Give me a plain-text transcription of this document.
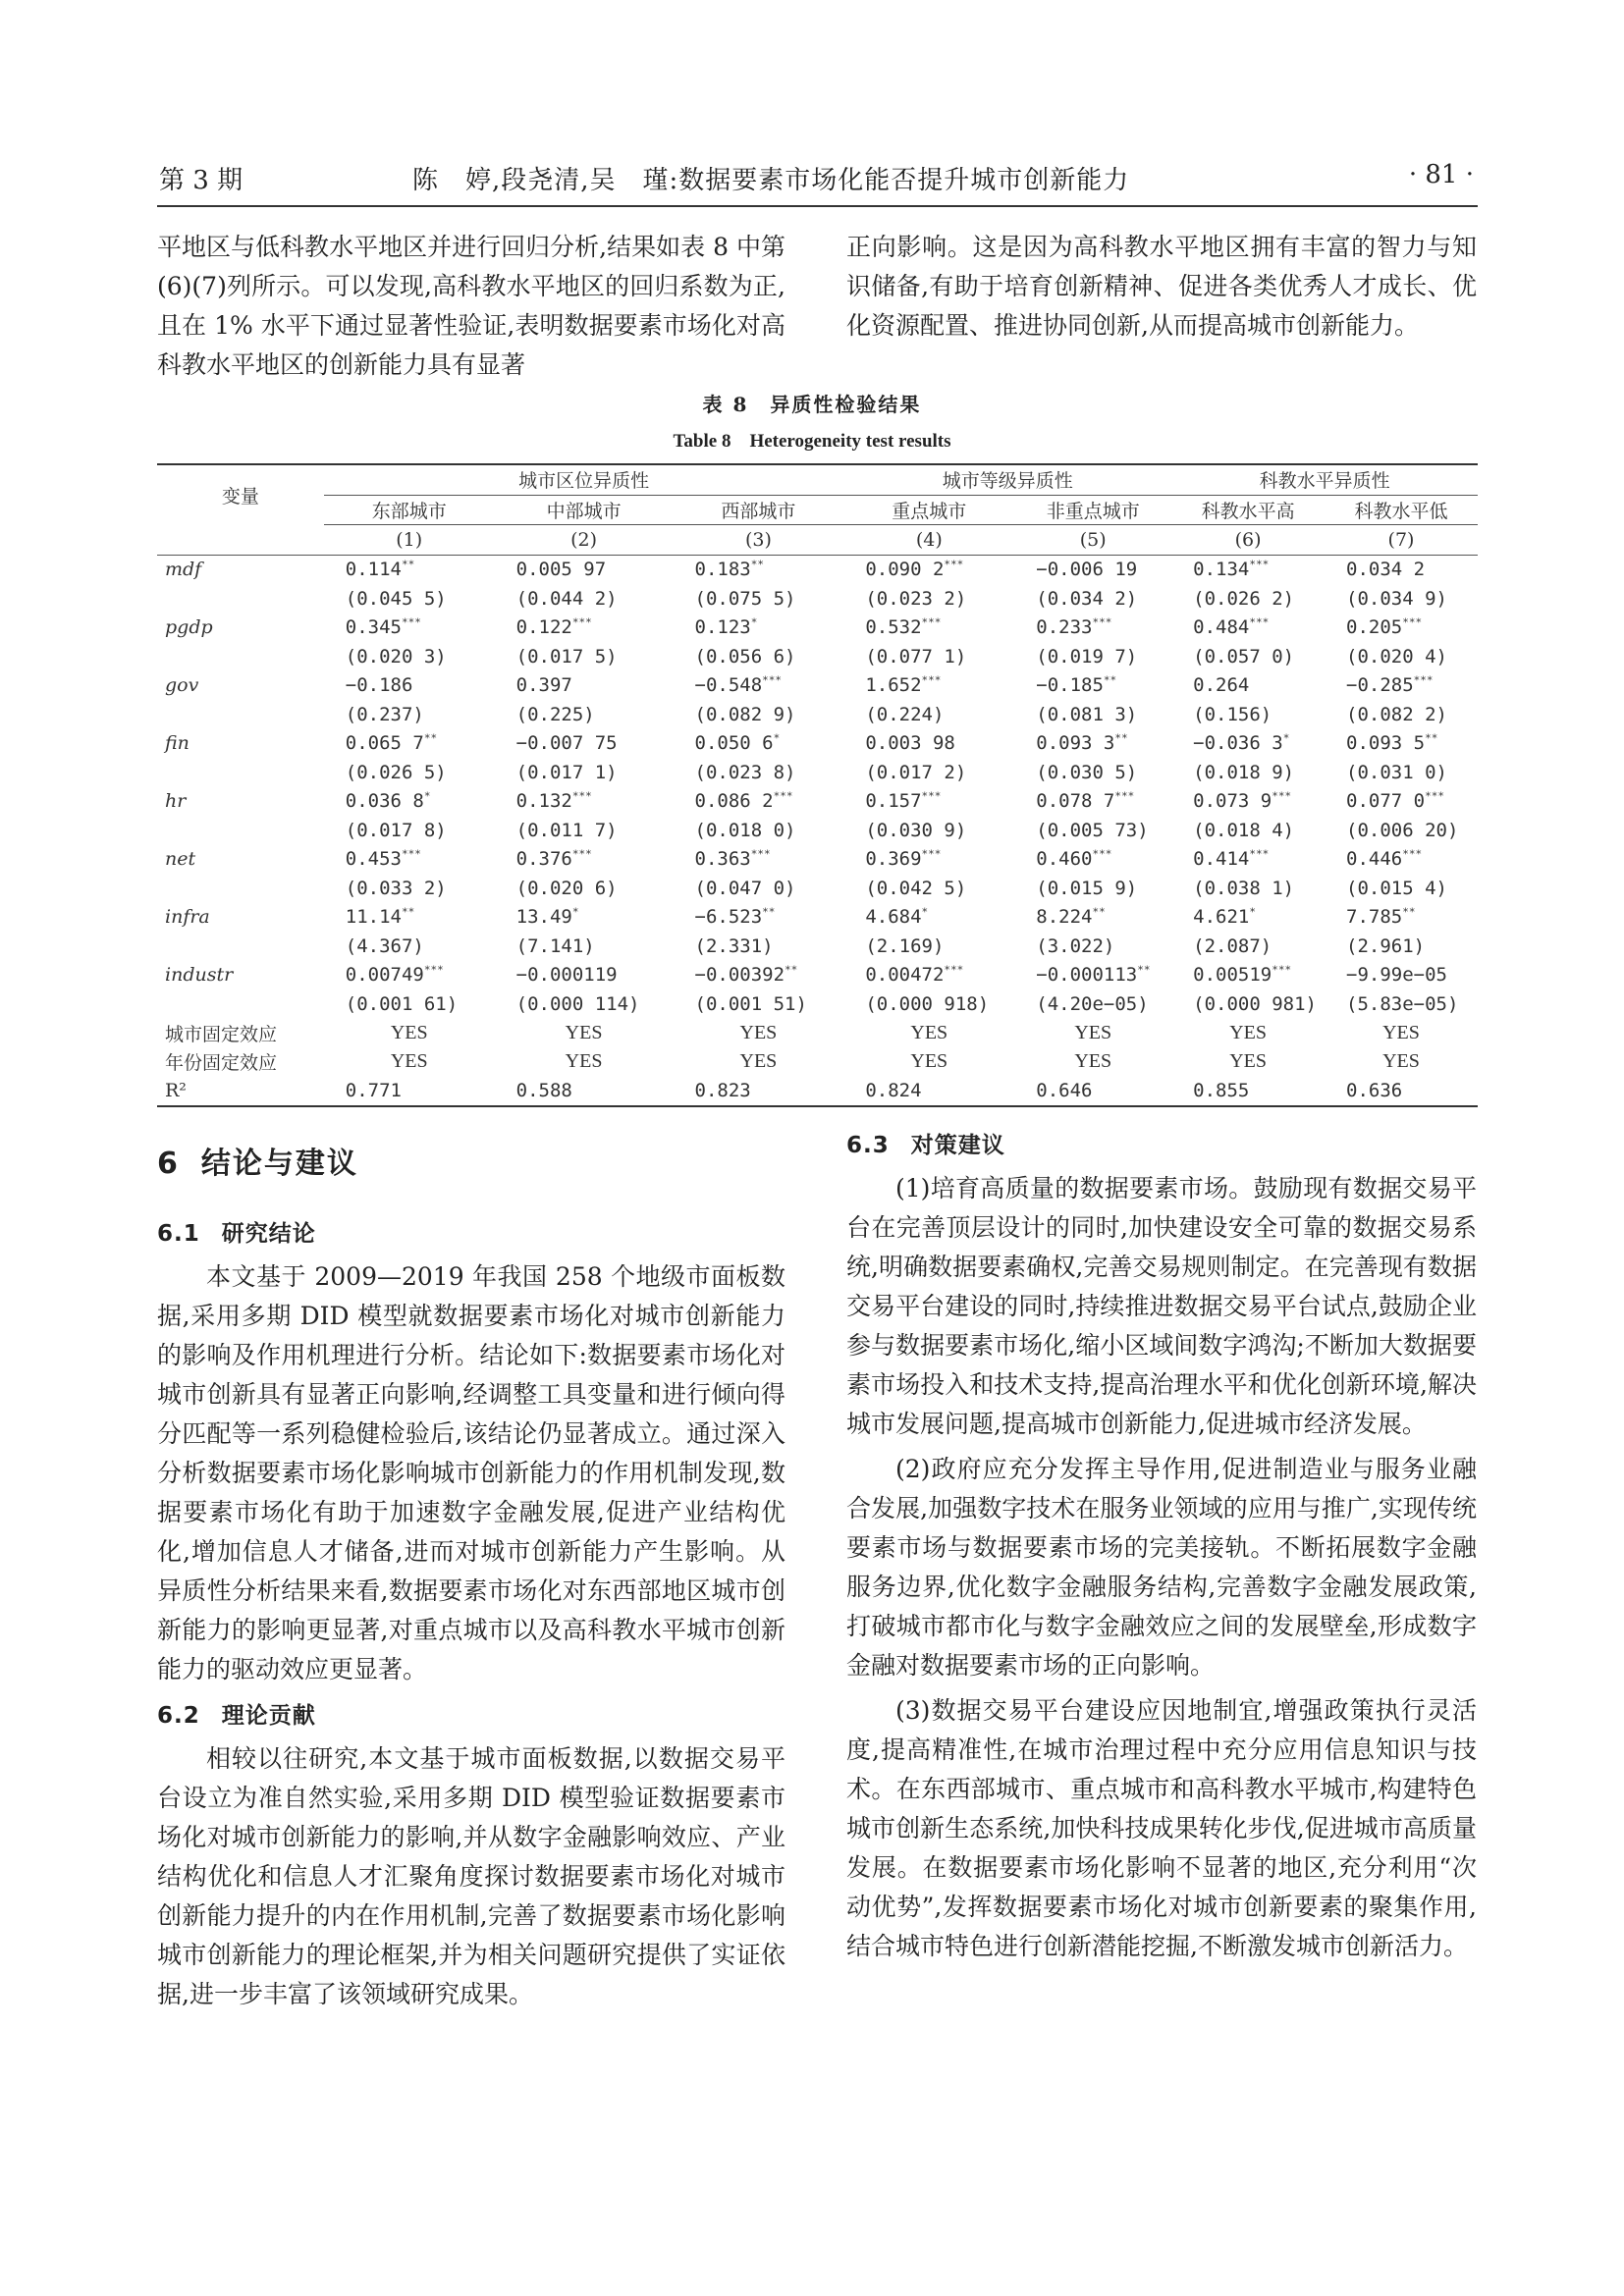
第 3 期	陈　婷,段尧清,吴　瑾:数据要素市场化能否提升城市创新能力	· 81 ·

平地区与低科教水平地区并进行回归分析,结果如表 8 中第(6)(7)列所示。可以发现,高科教水平地区的回归系数为正,且在 1% 水平下通过显著性验证,表明数据要素市场化对高科教水平地区的创新能力具有显著

正向影响。这是因为高科教水平地区拥有丰富的智力与知识储备,有助于培育创新精神、促进各类优秀人才成长、优化资源配置、推进协同创新,从而提高城市创新能力。

表 8　异质性检验结果
Table 8　Heterogeneity test results
变量	城市区位异质性			城市等级异质性		科教水平异质性	
	东部城市	中部城市	西部城市	重点城市	非重点城市	科教水平高	科教水平低
	(1)	(2)	(3)	(4)	(5)	(6)	(7)
mdf	0.114**	0.005 97	0.183**	0.090 2***	−0.006 19	0.134***	0.034 2
	(0.045 5)	(0.044 2)	(0.075 5)	(0.023 2)	(0.034 2)	(0.026 2)	(0.034 9)
pgdp	0.345***	0.122***	0.123*	0.532***	0.233***	0.484***	0.205***
	(0.020 3)	(0.017 5)	(0.056 6)	(0.077 1)	(0.019 7)	(0.057 0)	(0.020 4)
gov	−0.186	0.397	−0.548***	1.652***	−0.185**	0.264	−0.285***
	(0.237)	(0.225)	(0.082 9)	(0.224)	(0.081 3)	(0.156)	(0.082 2)
fin	0.065 7**	−0.007 75	0.050 6*	0.003 98	0.093 3**	−0.036 3*	0.093 5**
	(0.026 5)	(0.017 1)	(0.023 8)	(0.017 2)	(0.030 5)	(0.018 9)	(0.031 0)
hr	0.036 8*	0.132***	0.086 2***	0.157***	0.078 7***	0.073 9***	0.077 0***
	(0.017 8)	(0.011 7)	(0.018 0)	(0.030 9)	(0.005 73)	(0.018 4)	(0.006 20)
net	0.453***	0.376***	0.363***	0.369***	0.460***	0.414***	0.446***
	(0.033 2)	(0.020 6)	(0.047 0)	(0.042 5)	(0.015 9)	(0.038 1)	(0.015 4)
infra	11.14**	13.49*	−6.523**	4.684*	8.224**	4.621*	7.785**
	(4.367)	(7.141)	(2.331)	(2.169)	(3.022)	(2.087)	(2.961)
industr	0.00749***	−0.000119	−0.00392**	0.00472***	−0.000113**	0.00519***	−9.99e−05
	(0.001 61)	(0.000 114)	(0.001 51)	(0.000 918)	(4.20e−05)	(0.000 981)	(5.83e−05)
城市固定效应	YES	YES	YES	YES	YES	YES	YES
年份固定效应	YES	YES	YES	YES	YES	YES	YES
R²	0.771	0.588	0.823	0.824	0.646	0.855	0.636
6 结论与建议
6.1 研究结论

本文基于 2009—2019 年我国 258 个地级市面板数据,采用多期 DID 模型就数据要素市场化对城市创新能力的影响及作用机理进行分析。结论如下:数据要素市场化对城市创新具有显著正向影响,经调整工具变量和进行倾向得分匹配等一系列稳健检验后,该结论仍显著成立。通过深入分析数据要素市场化影响城市创新能力的作用机制发现,数据要素市场化有助于加速数字金融发展,促进产业结构优化,增加信息人才储备,进而对城市创新能力产生影响。从异质性分析结果来看,数据要素市场化对东西部地区城市创新能力的影响更显著,对重点城市以及高科教水平城市创新能力的驱动效应更显著。

6.2 理论贡献

相较以往研究,本文基于城市面板数据,以数据交易平台设立为准自然实验,采用多期 DID 模型验证数据要素市场化对城市创新能力的影响,并从数字金融影响效应、产业结构优化和信息人才汇聚角度探讨数据要素市场化对城市创新能力提升的内在作用机制,完善了数据要素市场化影响城市创新能力的理论框架,并为相关问题研究提供了实证依据,进一步丰富了该领域研究成果。

6.3 对策建议

(1)培育高质量的数据要素市场。鼓励现有数据交易平台在完善顶层设计的同时,加快建设安全可靠的数据交易系统,明确数据要素确权,完善交易规则制定。在完善现有数据交易平台建设的同时,持续推进数据交易平台试点,鼓励企业参与数据要素市场化,缩小区域间数字鸿沟;不断加大数据要素市场投入和技术支持,提高治理水平和优化创新环境,解决城市发展问题,提高城市创新能力,促进城市经济发展。

(2)政府应充分发挥主导作用,促进制造业与服务业融合发展,加强数字技术在服务业领域的应用与推广,实现传统要素市场与数据要素市场的完美接轨。不断拓展数字金融服务边界,优化数字金融服务结构,完善数字金融发展政策,打破城市都市化与数字金融效应之间的发展壁垒,形成数字金融对数据要素市场的正向影响。

(3)数据交易平台建设应因地制宜,增强政策执行灵活度,提高精准性,在城市治理过程中充分应用信息知识与技术。在东西部城市、重点城市和高科教水平城市,构建特色城市创新生态系统,加快科技成果转化步伐,促进城市高质量发展。在数据要素市场化影响不显著的地区,充分利用“次动优势”,发挥数据要素市场化对城市创新要素的聚集作用,结合城市特色进行创新潜能挖掘,不断激发城市创新活力。
